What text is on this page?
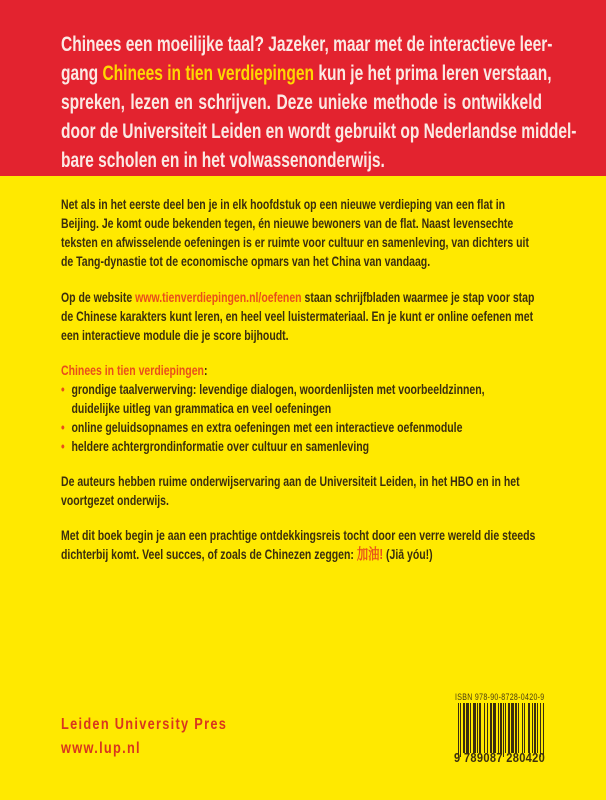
Chinees een moeilijke taal? Jazeker, maar met de interactieve leer-
gang Chinees in tien verdiepingen kun je het prima leren verstaan,
spreken, lezen en schrijven. Deze unieke methode is ontwikkeld
door de Universiteit Leiden en wordt gebruikt op Nederlandse middel-
bare scholen en in het volwassenonderwijs.
Net als in het eerste deel ben je in elk hoofdstuk op een nieuwe verdieping van een flat in
Beijing. Je komt oude bekenden tegen, én nieuwe bewoners van de flat. Naast levensechte
teksten en afwisselende oefeningen is er ruimte voor cultuur en samenleving, van dichters uit
de Tang-dynastie tot de economische opmars van het China van vandaag.
Op de website www.tienverdiepingen.nl/oefenen staan schrijfbladen waarmee je stap voor stap
de Chinese karakters kunt leren, en heel veel luistermateriaal. En je kunt er online oefenen met
een interactieve module die je score bijhoudt.
Chinees in tien verdiepingen:
• grondige taalverwerving: levendige dialogen, woordenlijsten met voorbeeldzinnen,
duidelijke uitleg van grammatica en veel oefeningen
• online geluidsopnames en extra oefeningen met een interactieve oefenmodule
• heldere achtergrondinformatie over cultuur en samenleving
De auteurs hebben ruime onderwijservaring aan de Universiteit Leiden, in het HBO en in het
voortgezet onderwijs.
Met dit boek begin je aan een prachtige ontdekkingsreis tocht door een verre wereld die steeds
dichterbij komt. Veel succes, of zoals de Chinezen zeggen: 加油! (Jiā yóu!)
Leiden University Pres
www.lup.nl
ISBN 978-90-8728-0420-9
9 789087 280420
